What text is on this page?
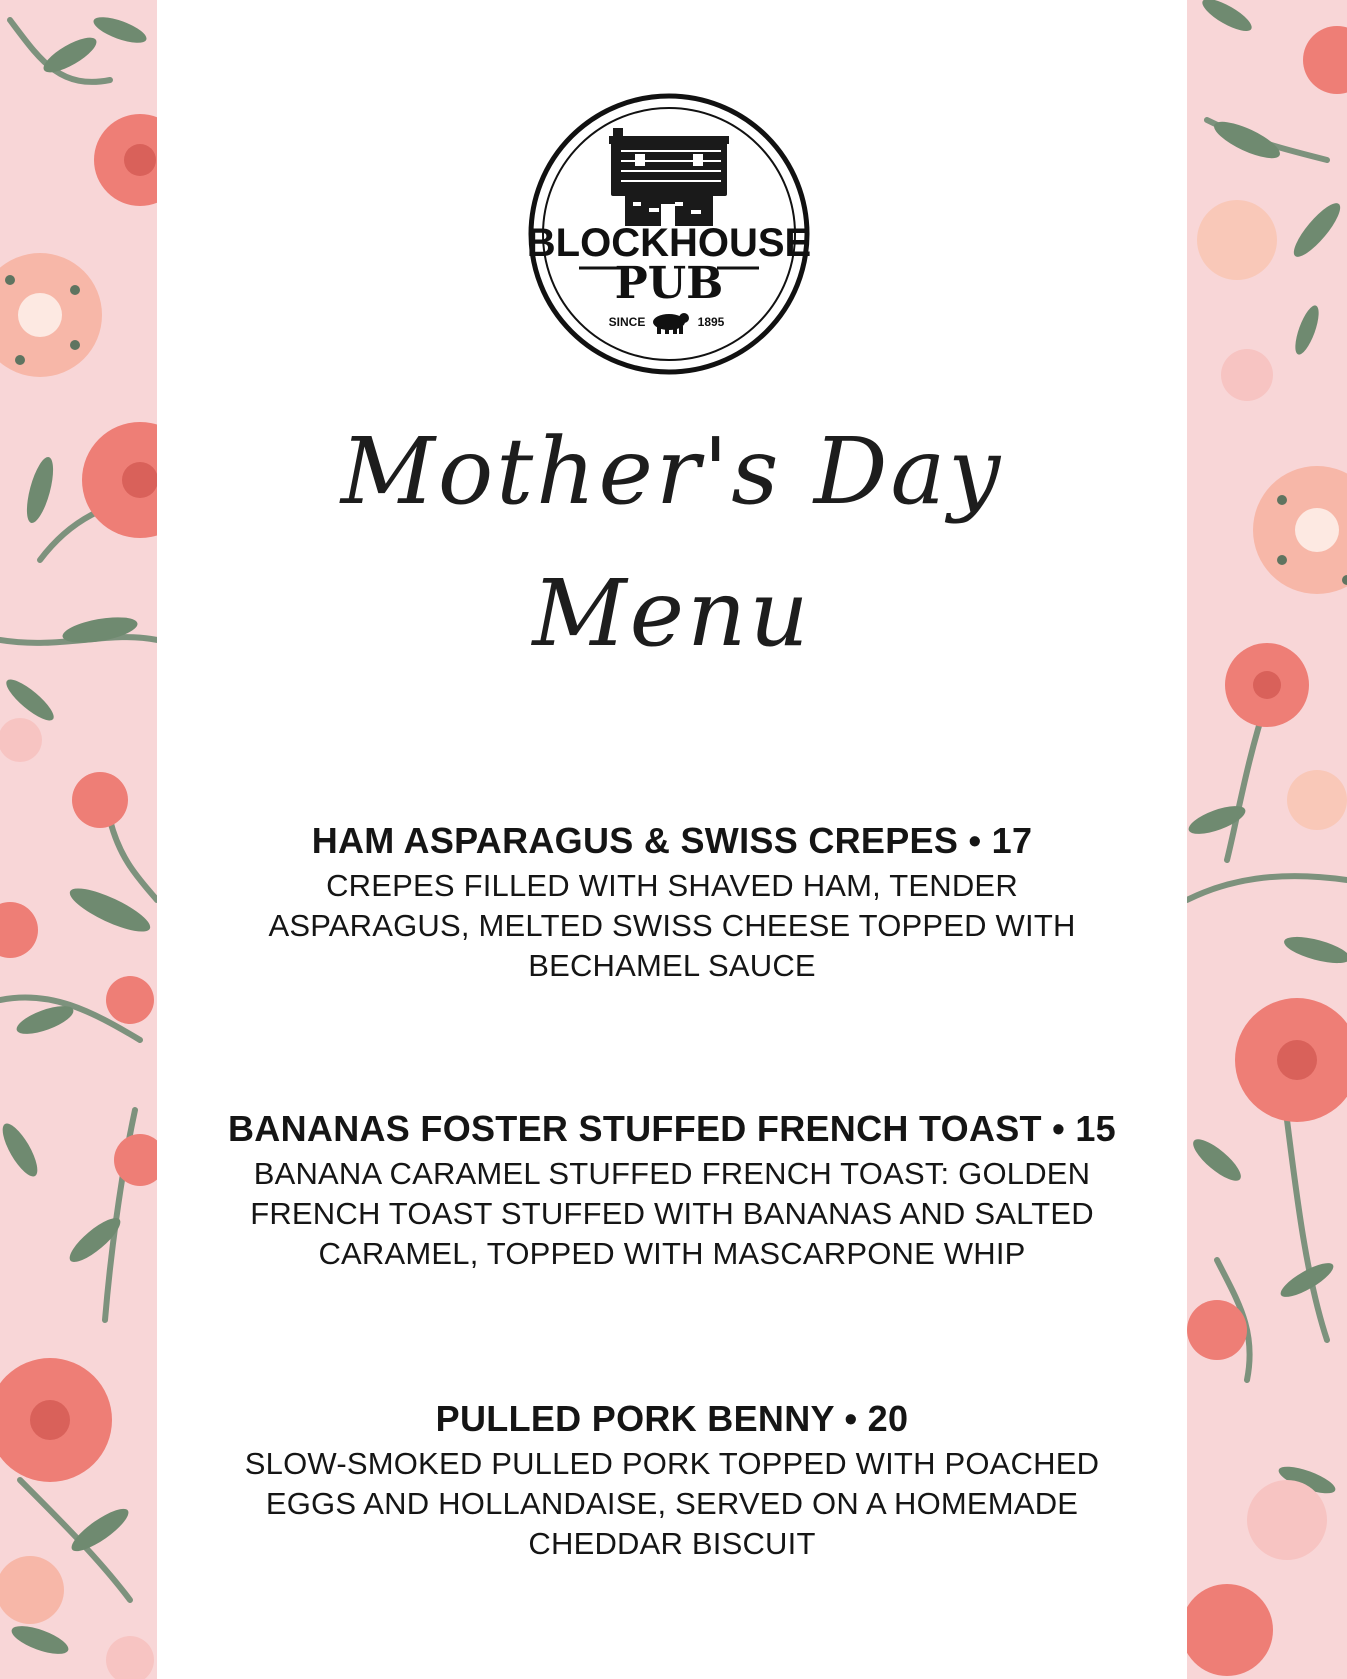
BLOCKHOUSE
PUB
SINCE	1895
Mother's Day
Menu
HAM ASPARAGUS & SWISS CREPES • 17
CREPES FILLED WITH SHAVED HAM, TENDER ASPARAGUS, MELTED SWISS CHEESE TOPPED WITH BECHAMEL SAUCE
BANANAS FOSTER STUFFED FRENCH TOAST • 15
BANANA CARAMEL STUFFED FRENCH TOAST: GOLDEN FRENCH TOAST STUFFED WITH BANANAS AND SALTED CARAMEL, TOPPED WITH MASCARPONE WHIP
PULLED PORK BENNY • 20
SLOW-SMOKED PULLED PORK TOPPED WITH POACHED EGGS AND HOLLANDAISE, SERVED ON A HOMEMADE CHEDDAR BISCUIT
